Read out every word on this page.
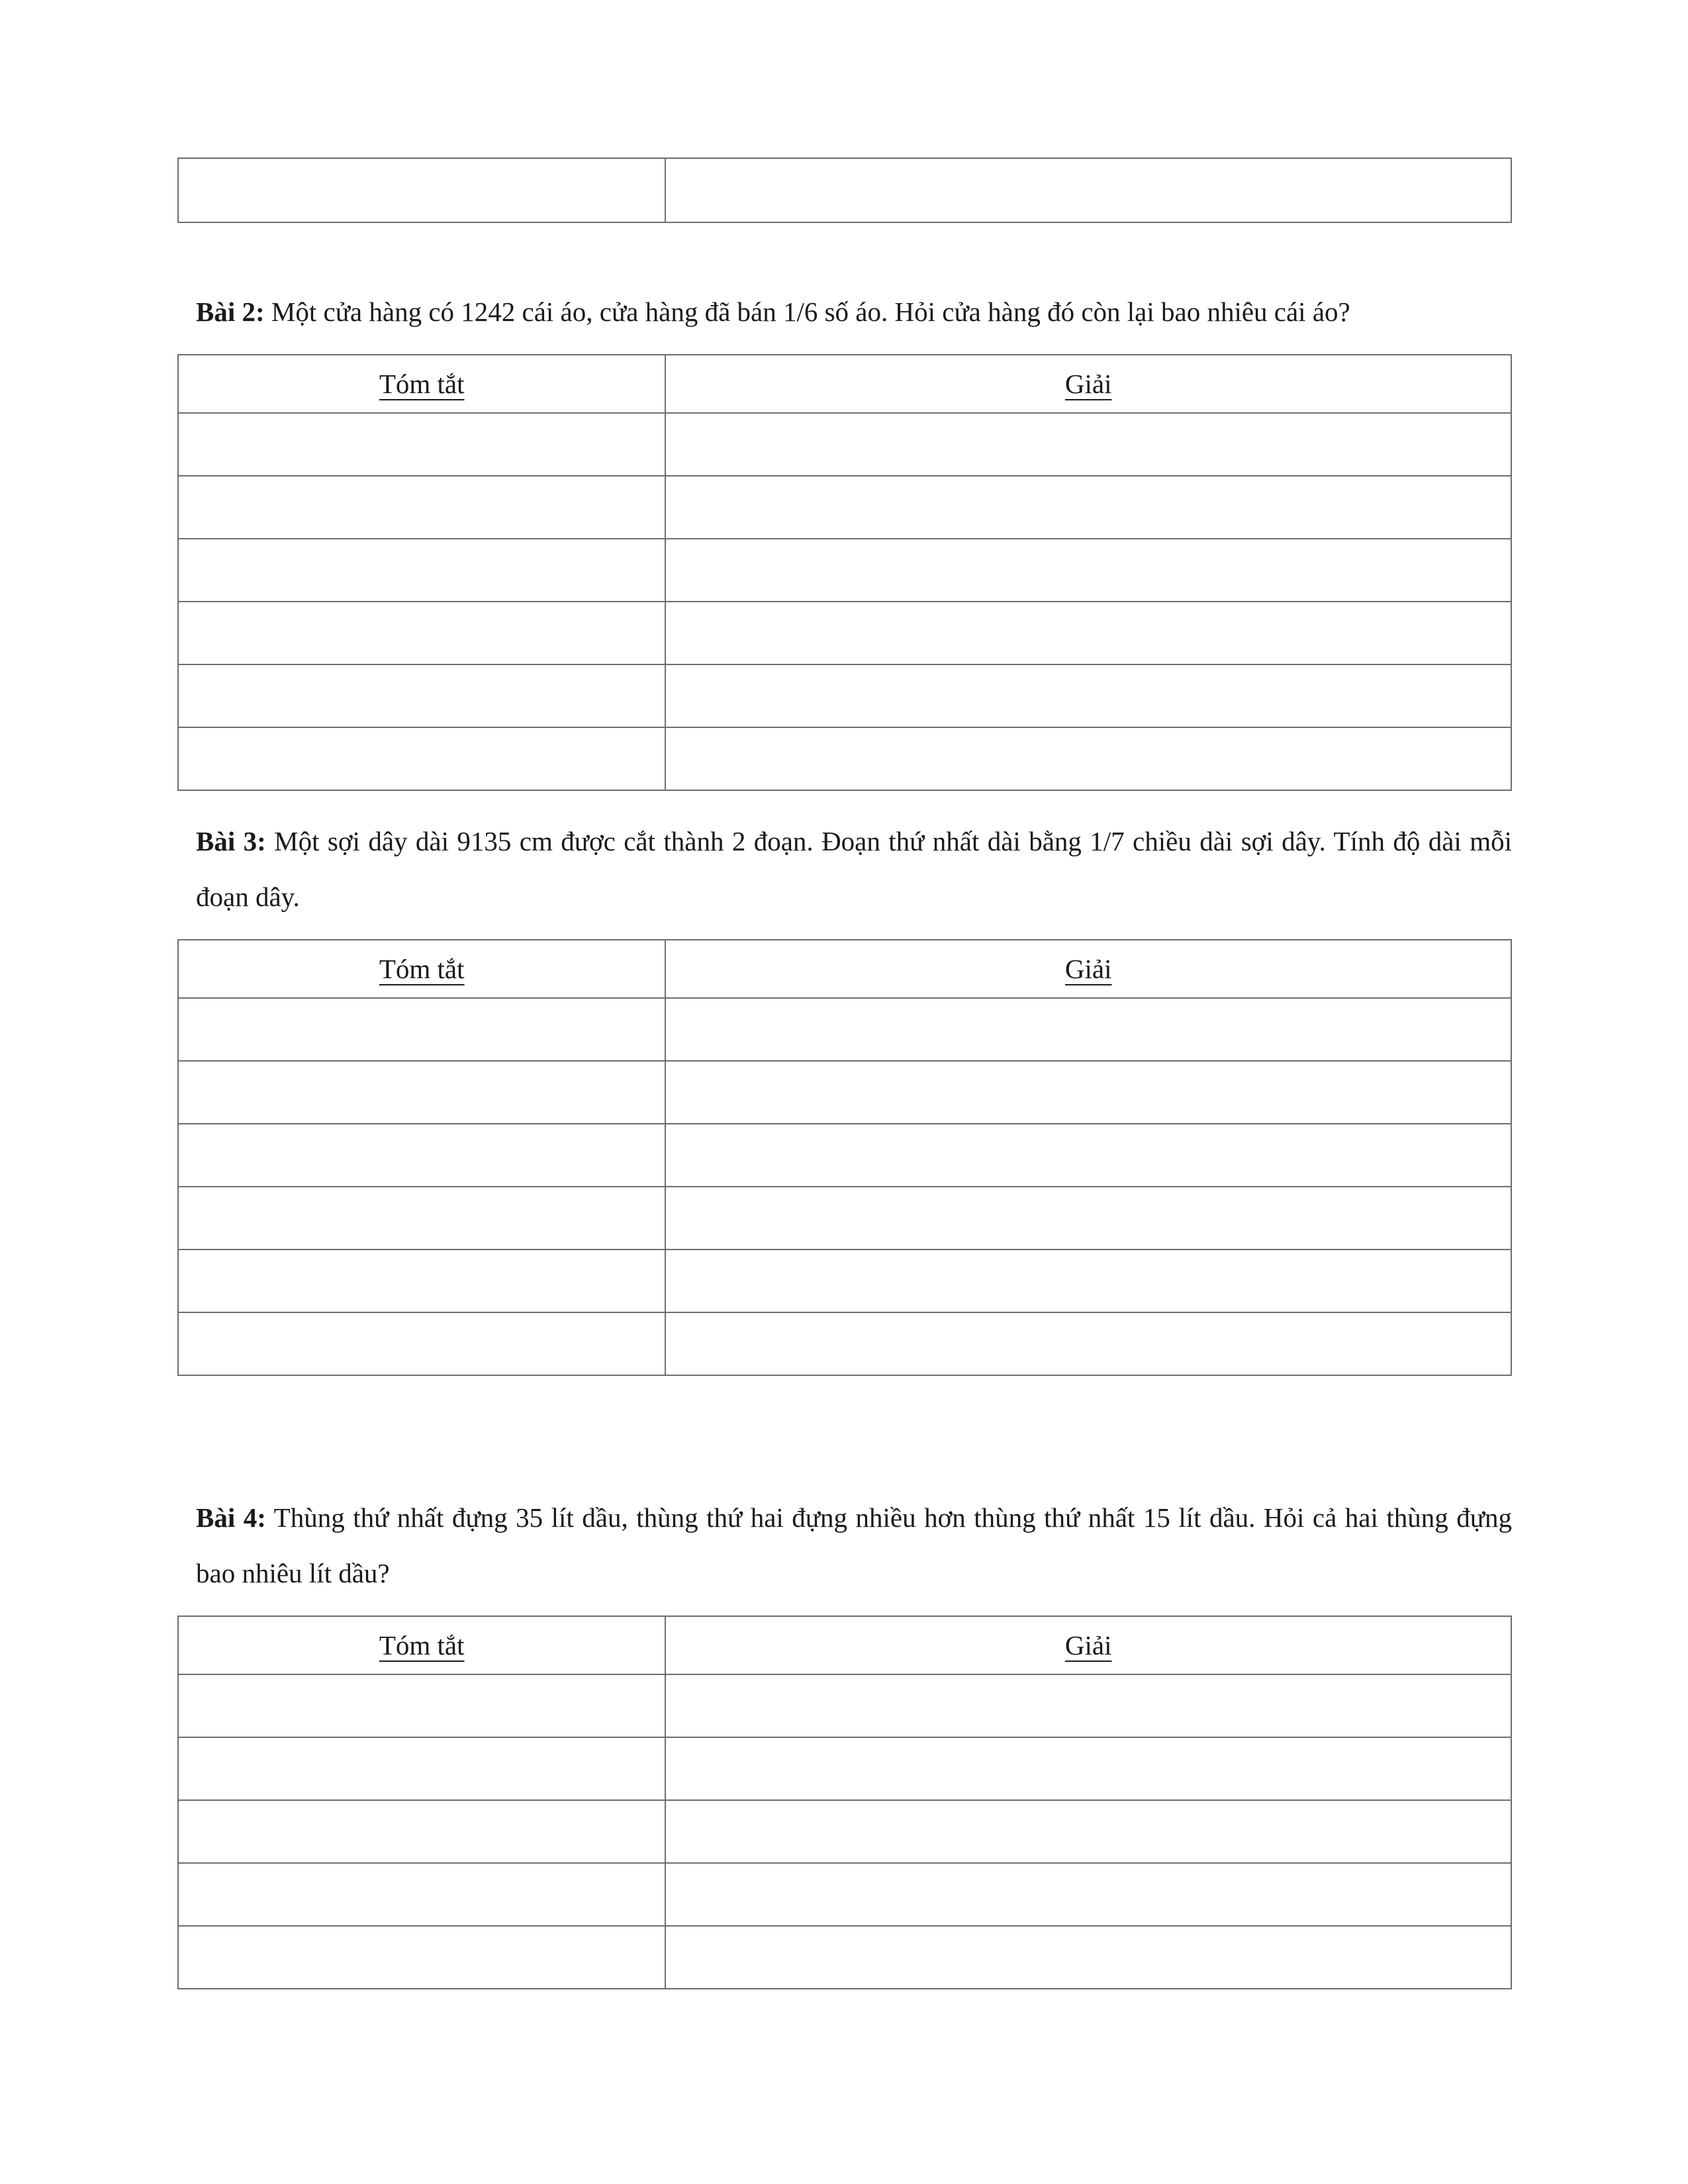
Bài 2: Một cửa hàng có 1242 cái áo, cửa hàng đã bán 1/6 số áo. Hỏi cửa hàng đó còn lại bao nhiêu cái áo?

Tóm tắt	Giải

Bài 3: Một sợi dây dài 9135 cm được cắt thành 2 đoạn. Đoạn thứ nhất dài bằng 1/7 chiều dài sợi dây. Tính độ dài mỗi đoạn dây.

Tóm tắt	Giải

Bài 4: Thùng thứ nhất đựng 35 lít dầu, thùng thứ hai đựng nhiều hơn thùng thứ nhất 15 lít dầu. Hỏi cả hai thùng đựng bao nhiêu lít dầu?

Tóm tắt	Giải
